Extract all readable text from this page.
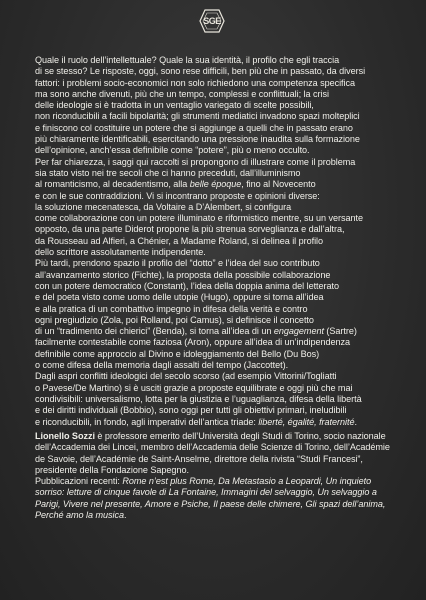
SGE

Quale il ruolo dell’intellettuale? Quale la sua identità, il profilo che egli traccia
di se stesso? Le risposte, oggi, sono rese difficili, ben più che in passato, da diversi
fattori: i problemi socio-economici non solo richiedono una competenza specifica
ma sono anche divenuti, più che un tempo, complessi e conflittuali; la crisi
delle ideologie si è tradotta in un ventaglio variegato di scelte possibili,
non riconducibili a facili bipolarità; gli strumenti mediatici invadono spazi molteplici
e finiscono col costituire un potere che si aggiunge a quelli che in passato erano
più chiaramente identificabili, esercitando una pressione inaudita sulla formazione
dell’opinione, anch’essa definibile come “potere”, più o meno occulto.
Per far chiarezza, i saggi qui raccolti si propongono di illustrare come il problema
sia stato visto nei tre secoli che ci hanno preceduti, dall’illuminismo
al romanticismo, al decadentismo, alla belle époque, fino al Novecento
e con le sue contraddizioni. Vi si incontrano proposte e opinioni diverse:
la soluzione mecenatesca, da Voltaire a D’Alembert, si configura
come collaborazione con un potere illuminato e riformistico mentre, su un versante
opposto, da una parte Diderot propone la più strenua sorveglianza e dall’altra,
da Rousseau ad Alfieri, a Chénier, a Madame Roland, si delinea il profilo
dello scrittore assolutamente indipendente.

Più tardi, prendono spazio il profilo del “dotto” e l’idea del suo contributo
all’avanzamento storico (Fichte), la proposta della possibile collaborazione
con un potere democratico (Constant), l’idea della doppia anima del letterato
e del poeta visto come uomo delle utopie (Hugo), oppure si torna all’idea
e alla pratica di un combattivo impegno in difesa della verità e contro
ogni pregiudizio (Zola, poi Rolland, poi Camus), si definisce il concetto
di un “tradimento dei chierici” (Benda), si torna all’idea di un engagement (Sartre)
facilmente contestabile come faziosa (Aron), oppure all’idea di un’indipendenza
definibile come approccio al Divino e idoleggiamento del Bello (Du Bos)
o come difesa della memoria dagli assalti del tempo (Jaccottet).

Dagli aspri conflitti ideologici del secolo scorso (ad esempio Vittorini/Togliatti
o Pavese/De Martino) si è usciti grazie a proposte equilibrate e oggi più che mai
condivisibili: universalismo, lotta per la giustizia e l’uguaglianza, difesa della libertà
e dei diritti individuali (Bobbio), sono oggi per tutti gli obiettivi primari, ineludibili
e riconducibili, in fondo, agli imperativi dell’antica triade: liberté, égalité, fraternité.

Lionello Sozzi è professore emerito dell’Università degli Studi di Torino, socio nazionale dell’Accademia dei Lincei, membro dell’Accademia delle Scienze di Torino, dell’Académie de Savoie, dell’Académie de Saint-Anselme, direttore della rivista “Studi Francesi”, presidente della Fondazione Sapegno.

Pubblicazioni recenti: Rome n’est plus Rome, Da Metastasio a Leopardi, Un inquieto sorriso: letture di cinque favole di La Fontaine, Immagini del selvaggio, Un selvaggio a Parigi, Vivere nel presente, Amore e Psiche, Il paese delle chimere, Gli spazi dell’anima, Perché amo la musica.
